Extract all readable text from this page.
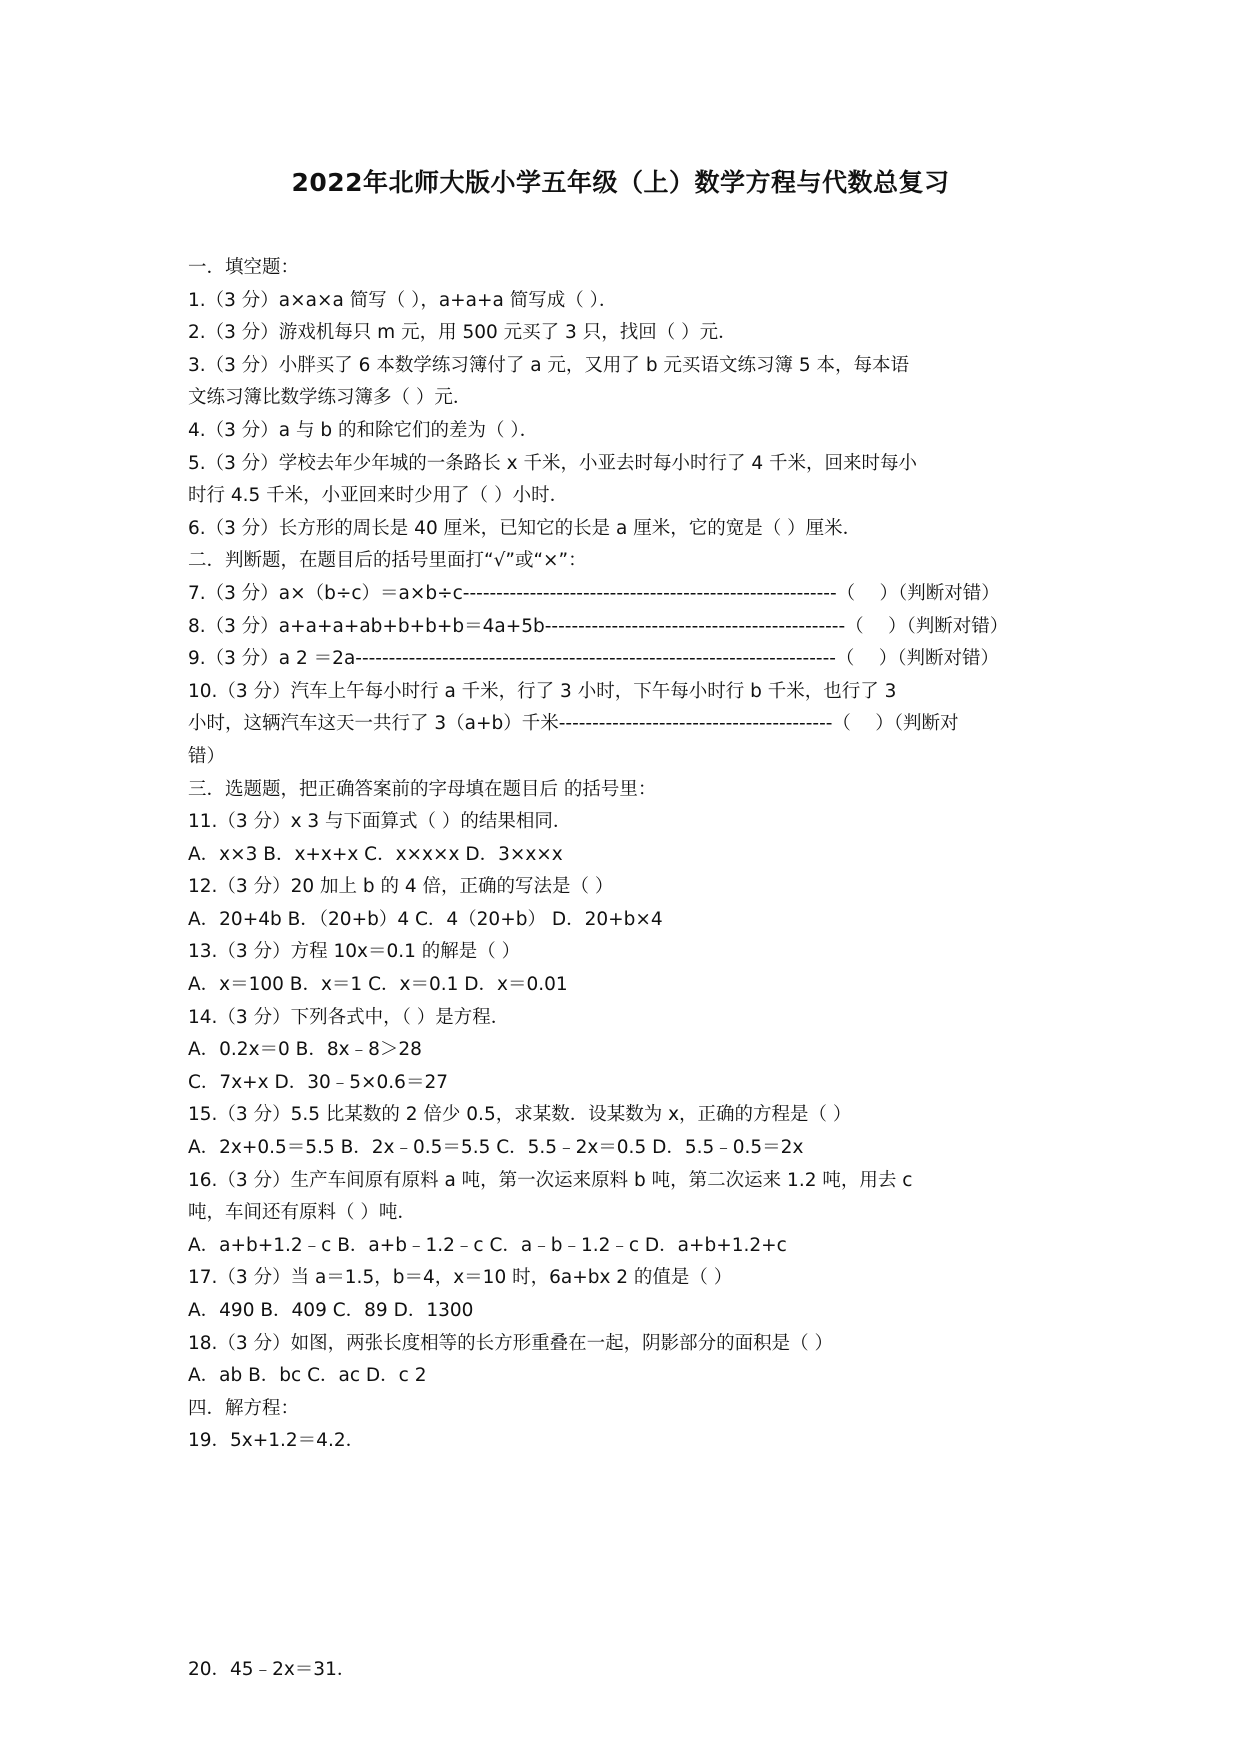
2022年北师大版小学五年级（上）数学方程与代数总复习
一．填空题：
1.（3 分）a×a×a 简写（ ），a+a+a 简写成（ ）．
2.（3 分）游戏机每只 m 元，用 500 元买了 3 只，找回（ ）元．
3.（3 分）小胖买了 6 本数学练习簿付了 a 元，又用了 b 元买语文练习簿 5 本，每本语
文练习簿比数学练习簿多（ ）元．
4.（3 分）a 与 b 的和除它们的差为（ ）．
5.（3 分）学校去年少年城的一条路长 x 千米，小亚去时每小时行了 4 千米，回来时每小
时行 4.5 千米，小亚回来时少用了（ ）小时．
6.（3 分）长方形的周长是 40 厘米，已知它的长是 a 厘米，它的宽是（ ）厘米．
二．判断题，在题目后的括号里面打“√”或“×”：
7.（3 分）a×（b÷c）＝a×b÷c--------------------------------------------------------（　 ）（判断对错）
8.（3 分）a+a+a+ab+b+b+b＝4a+5b---------------------------------------------（　 ）（判断对错）
9.（3 分）a 2 ＝2a------------------------------------------------------------------------（　 ）（判断对错）
10.（3 分）汽车上午每小时行 a 千米，行了 3 小时，下午每小时行 b 千米，也行了 3
小时，这辆汽车这天一共行了 3（a+b）千米-----------------------------------------（　 ）（判断对
错）
三．选题题，把正确答案前的字母填在题目后 的括号里：
11.（3 分）x 3 与下面算式（ ）的结果相同．
A．x×3 B．x+x+x C．x×x×x D．3×x×x
12.（3 分）20 加上 b 的 4 倍，正确的写法是（ ）
A．20+4b B．（20+b）4 C．4（20+b） D．20+b×4
13.（3 分）方程 10x＝0.1 的解是（ ）
A．x＝100 B．x＝1 C．x＝0.1 D．x＝0.01
14.（3 分）下列各式中，（ ）是方程．
A．0.2x＝0 B．8x﹣8＞28
C．7x+x D．30﹣5×0.6＝27
15.（3 分）5.5 比某数的 2 倍少 0.5，求某数．设某数为 x，正确的方程是（ ）
A．2x+0.5＝5.5 B．2x﹣0.5＝5.5 C．5.5﹣2x＝0.5 D．5.5﹣0.5＝2x
16.（3 分）生产车间原有原料 a 吨，第一次运来原料 b 吨，第二次运来 1.2 吨，用去 c
吨，车间还有原料（ ）吨．
A．a+b+1.2﹣c B．a+b﹣1.2﹣c C．a﹣b﹣1.2﹣c D．a+b+1.2+c
17.（3 分）当 a＝1.5，b＝4，x＝10 时，6a+bx 2 的值是（ ）
A．490 B．409 C．89 D．1300
18.（3 分）如图，两张长度相等的长方形重叠在一起，阴影部分的面积是（ ）
A．ab B．bc C．ac D．c 2
四．解方程：
19．5x+1.2＝4.2．
20．45﹣2x＝31．
